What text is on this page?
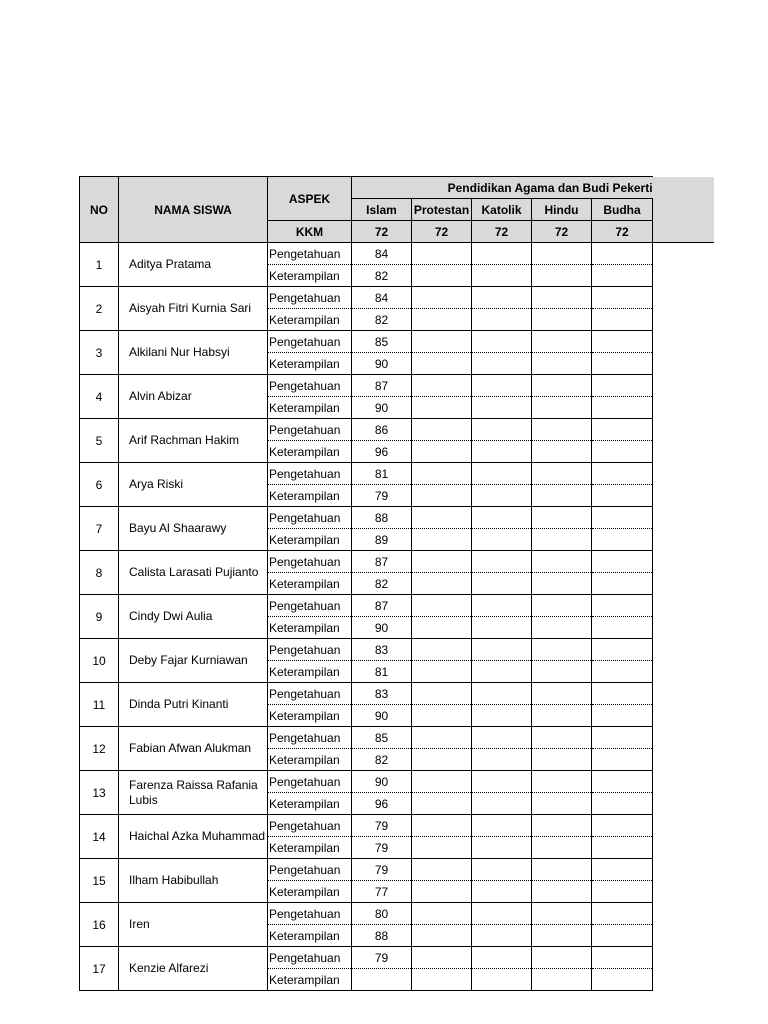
NO	NAMA SISWA	ASPEK	Pendidikan Agama dan Budi Pekerti					
			Islam	Protestan	Katolik	Hindu	Budha	
		KKM	72	72	72	72	72	
1	Aditya Pratama	Pengetahuan	84					
		Keterampilan	82					
2	Aisyah Fitri Kurnia Sari	Pengetahuan	84					
		Keterampilan	82					
3	Alkilani Nur Habsyi	Pengetahuan	85					
		Keterampilan	90					
4	Alvin Abizar	Pengetahuan	87					
		Keterampilan	90					
5	Arif Rachman Hakim	Pengetahuan	86					
		Keterampilan	96					
6	Arya Riski	Pengetahuan	81					
		Keterampilan	79					
7	Bayu Al Shaarawy	Pengetahuan	88					
		Keterampilan	89					
8	Calista Larasati Pujianto	Pengetahuan	87					
		Keterampilan	82					
9	Cindy Dwi Aulia	Pengetahuan	87					
		Keterampilan	90					
10	Deby Fajar Kurniawan	Pengetahuan	83					
		Keterampilan	81					
11	Dinda Putri Kinanti	Pengetahuan	83					
		Keterampilan	90					
12	Fabian Afwan Alukman	Pengetahuan	85					
		Keterampilan	82					
13	Farenza Raissa Rafania Lubis	Pengetahuan	90					
		Keterampilan	96					
14	Haichal Azka Muhammad	Pengetahuan	79					
		Keterampilan	79					
15	Ilham Habibullah	Pengetahuan	79					
		Keterampilan	77					
16	Iren	Pengetahuan	80					
		Keterampilan	88					
17	Kenzie Alfarezi	Pengetahuan	79					
		Keterampilan						
